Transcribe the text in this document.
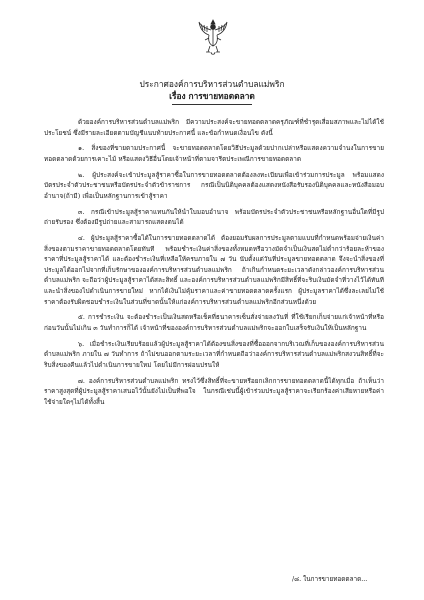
ประกาศองค์การบริหารส่วนตำบลแม่พริก
เรื่อง การขายทอดตลาด

ด้วยองค์การบริหารส่วนตำบลแม่พริก มีความประสงค์จะขายทอดตลาดครุภัณฑ์ที่ชำรุดเสื่อมสภาพและไม่ได้ใช้ประโยชน์ ซึ่งมีรายละเอียดตามบัญชีแนบท้ายประกาศนี้ และข้อกำหนดเงื่อนไข ดังนี้

๑. สิ่งของที่ขายตามประกาศนี้ จะขายทอดตลาดโดยวิธีประมูลด้วยปากเปล่าหรือแสดงความจำนงในการขายทอดตลาดด้วยการเคาะไม้ หรือแสดงวิธีอื่นโดยเจ้าหน้าที่ตามจารีตประเพณีการขายทอดตลาด

๒. ผู้ประสงค์จะเข้าประมูลสู้ราคาซื้อในการขายทอดตลาดต้องลงทะเบียนเพื่อเข้าร่วมการประมูล พร้อมแสดงบัตรประจำตัวประชาชนหรือบัตรประจำตัวข้าราชการ กรณีเป็นนิติบุคคลต้องแสดงหนังสือรับรองนิติบุคคลและหนังสือมอบอำนาจ(ถ้ามี) เพื่อเป็นหลักฐานการเข้าสู้ราคา

๓. กรณีเข้าประมูลสู้ราคาแทนกันให้นำใบมอบอำนาจ พร้อมบัตรประจำตัวประชาชนหรือหลักฐานอื่นใดที่มีรูปถ่ายรับรอง ซึ่งต้องมีรูปถ่ายและสามารถแสดงตนได้

๔. ผู้ประมูลสู้ราคาซื้อได้ในการขายทอดตลาดได้ ต้องยอมรับผลการประมูลตามแบบที่กำหนดพร้อมจ่ายเงินค่าสิ่งของตามราคาขายทอดตลาดโดยทันที พร้อมชำระเงินค่าสิ่งของทั้งหมดหรือวางมัดจำเป็นเงินสดไม่ต่ำกว่าร้อยละห้าของราคาที่ประมูลสู้ราคาได้ และต้องชำระเงินที่เหลือให้ครบภายใน ๗ วัน นับตั้งแต่วันที่ประมูลขายทอดตลาด จึงจะนำสิ่งของที่ประมูลได้ออกไปจากที่เก็บรักษาขององค์การบริหารส่วนตำบลแม่พริก ถ้าเกินกำหนดระยะเวลาดังกล่าวองค์การบริหารส่วนตำบลแม่พริก จะถือว่าผู้ประมูลสู้ราคาได้สละสิทธิ์ และองค์การบริหารส่วนตำบลแม่พริกมีสิทธิ์ที่จะริบเงินมัดจำที่วางไว้ได้ทันทีและนำสิ่งของไปดำเนินการขายใหม่ หากได้เงินไม่คุ้มราคาและค่าขายทอดตลาดครั้งแรก ผู้ประมูลราคาได้ซึ่งละเลยไม่ใช้ราคาต้องรับผิดชอบชำระเงินในส่วนที่ขาดนั้นให้แก่องค์การบริหารส่วนตำบลแม่พริกอีกส่วนหนึ่งด้วย

๕. การชำระเงิน จะต้องชำระเป็นเงินสดหรือเช็คที่ธนาคารเซ็นสั่งจ่ายลงวันที่ ที่ใช้เรียกเก็บจ่ายแก่เจ้าหน้าที่หรือก่อนวันนั้นไม่เกิน ๓ วันทำการก็ได้ เจ้าหน้าที่ขององค์การบริหารส่วนตำบลแม่พริกจะออกใบเสร็จรับเงินให้เป็นหลักฐาน

๖. เมื่อชำระเงินเรียบร้อยแล้วผู้ประมูลสู้ราคาได้ต้องขนสิ่งของที่ซื้อออกจากบริเวณที่เก็บขององค์การบริหารส่วนตำบลแม่พริก ภายใน ๗ วันทำการ ถ้าไม่ขนออกตามระยะเวลาที่กำหนดถือว่าองค์การบริหารส่วนตำบลแม่พริกสงวนสิทธิ์ที่จะริบสิ่งของคืนแล้วไปดำเนินการขายใหม่ โดยไม่มีการผ่อนปรนให้

๗. องค์การบริหารส่วนตำบลแม่พริก ทรงไว้ซึ่งสิทธิ์ที่จะขายหรือยกเลิกการขายทอดตลาดนี้ได้ทุกเมื่อ ถ้าเห็นว่าราคาสูงสุดที่ผู้ประมูลสู้ราคาเสนอไว้นั้นยังไม่เป็นที่พอใจ ในกรณีเช่นนี้ผู้เข้าร่วมประมูลสู้ราคาจะเรียกร้องค่าเสียหายหรือค่าใช้จ่ายใดๆไม่ได้ทั้งสิ้น

/๘. ในการขายทอดตลาด...
